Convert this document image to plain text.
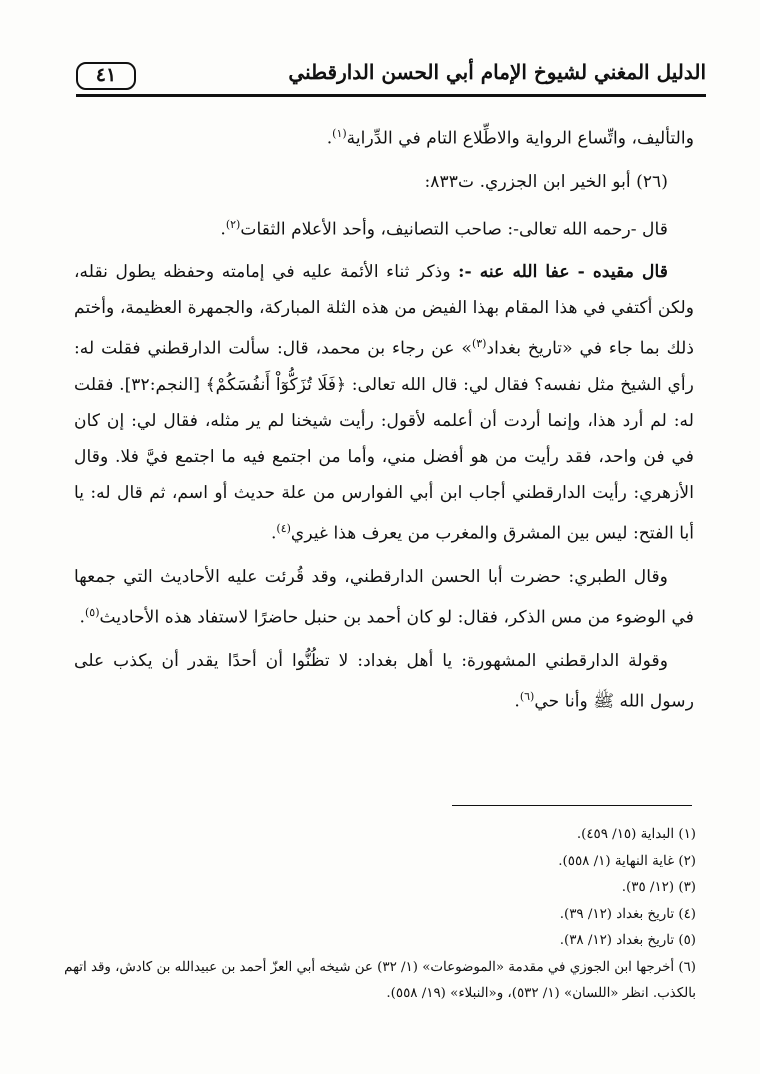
٤١	الدليل المغني لشيوخ الإمام أبي الحسن الدارقطني

والتأليف، واتِّساع الرواية والاطِّلاع التام في الدِّراية$^{(١)}$.

(٢٦) أبو الخير ابن الجزري. ت٨٣٣:

قال -رحمه الله تعالى-: صاحب التصانيف، وأحد الأعلام الثقات$^{(٢)}$.

قال مقيده - عفا الله عنه -: وذكر ثناء الأئمة عليه في إمامته وحفظه يطول نقله، ولكن أكتفي في هذا المقام بهذا الفيض من هذه الثلة المباركة، والجمهرة العظيمة، وأختم ذلك بما جاء في «تاريخ بغداد$^{(٣)}$» عن رجاء بن محمد، قال: سألت الدارقطني فقلت له: رأي الشيخ مثل نفسه؟ فقال لي: قال الله تعالى: ﴿فَلَا تُزَكُّوٓاْ أَنفُسَكُمْ﴾ [النجم:٣٢]. فقلت له: لم أرد هذا، وإنما أردت أن أعلمه لأقول: رأيت شيخنا لم ير مثله، فقال لي: إن كان في فن واحد، فقد رأيت من هو أفضل مني، وأما من اجتمع فيه ما اجتمع فيَّ فلا. وقال الأزهري: رأيت الدارقطني أجاب ابن أبي الفوارس من علة حديث أو اسم، ثم قال له: يا أبا الفتح: ليس بين المشرق والمغرب من يعرف هذا غيري$^{(٤)}$.

وقال الطبري: حضرت أبا الحسن الدارقطني، وقد قُرئت عليه الأحاديث التي جمعها في الوضوء من مس الذكر، فقال: لو كان أحمد بن حنبل حاضرًا لاستفاد هذه الأحاديث$^{(٥)}$.

وقولة الدارقطني المشهورة: يا أهل بغداد: لا تظُنُّوا أن أحدًا يقدر أن يكذب على رسول الله ﷺ وأنا حي$^{(٦)}$.

(١) البداية (١٥/ ٤٥٩).
(٢) غاية النهاية (١/ ٥٥٨).
(٣) (١٢/ ٣٥).
(٤) تاريخ بغداد (١٢/ ٣٩).
(٥) تاريخ بغداد (١٢/ ٣٨).
(٦) أخرجها ابن الجوزي في مقدمة «الموضوعات» (١/ ٣٢) عن شيخه أبي العزّ أحمد بن عبيدالله بن كادش، وقد اتهم بالكذب. انظر «اللسان» (١/ ٥٣٢)، و«النبلاء» (١٩/ ٥٥٨).
